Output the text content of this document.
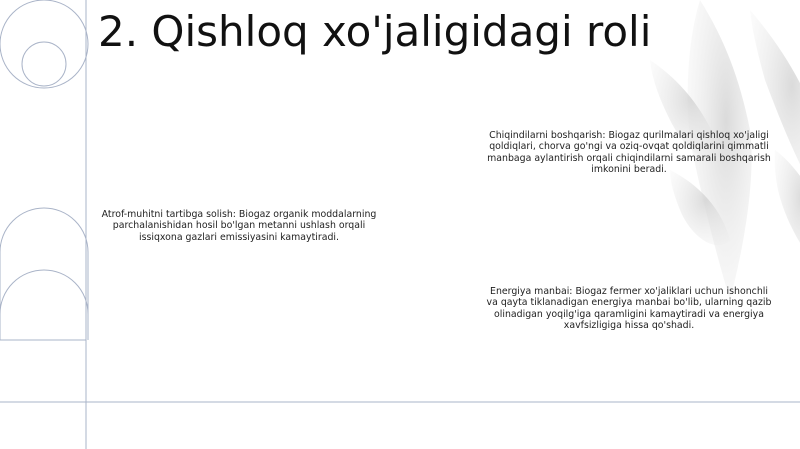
2. Qishloq xo'jaligidagi roli

Atrof-muhitni tartibga solish: Biogaz organik moddalarning parchalanishidan hosil bo'lgan metanni ushlash orqali issiqxona gazlari emissiyasini kamaytiradi.

Chiqindilarni boshqarish: Biogaz qurilmalari qishloq xo'jaligi qoldiqlari, chorva go'ngi va oziq-ovqat qoldiqlarini qimmatli manbaga aylantirish orqali chiqindilarni samarali boshqarish imkonini beradi.

Energiya manbai: Biogaz fermer xo'jaliklari uchun ishonchli va qayta tiklanadigan energiya manbai bo'lib, ularning qazib olinadigan yoqilg'iga qaramligini kamaytiradi va energiya xavfsizligiga hissa qo'shadi.
